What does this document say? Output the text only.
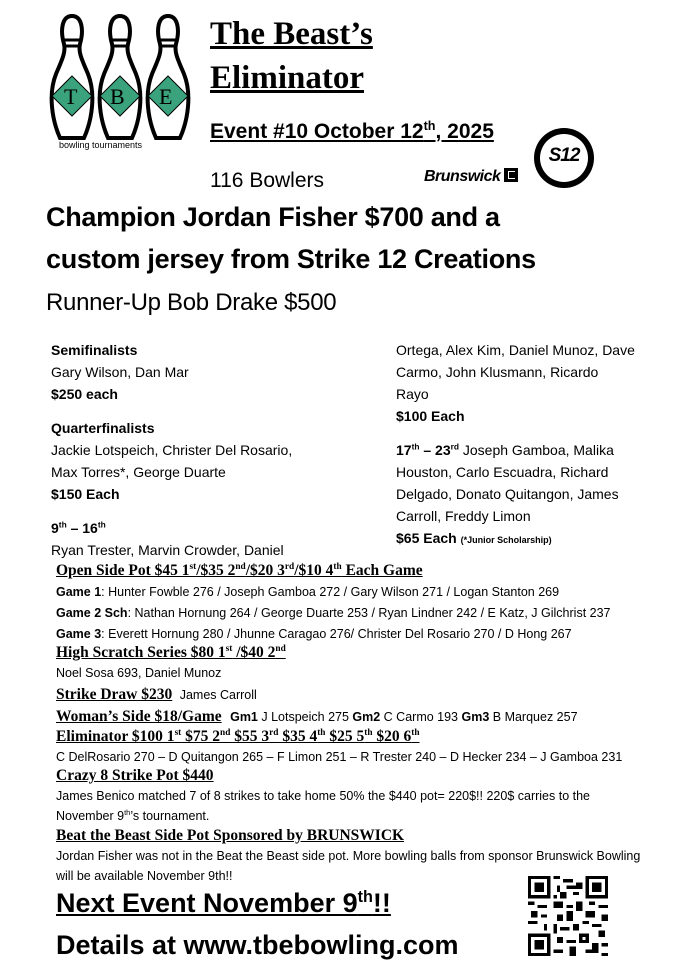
T B E
bowling tournaments
The Beast’s
Eliminator
Event #10 October 12th, 2025
116 Bowlers	Brunswick
S12
Champion Jordan Fisher $700 and a
custom jersey from Strike 12 Creations
Runner-Up Bob Drake $500
Semifinalists
Gary Wilson, Dan Mar
$250 each
Quarterfinalists
Jackie Lotspeich, Christer Del Rosario,
Max Torres*, George Duarte
$150 Each
9th – 16th
Ryan Trester, Marvin Crowder, Daniel
Ortega, Alex Kim, Daniel Munoz, Dave
Carmo, John Klusmann, Ricardo
Rayo
$100 Each
17th – 23rd Joseph Gamboa, Malika
Houston, Carlo Escuadra, Richard
Delgado, Donato Quitangon, James
Carroll, Freddy Limon
$65 Each (*Junior Scholarship)
Open Side Pot $45 1st/$35 2nd/$20 3rd/$10 4th Each Game
Game 1: Hunter Fowble 276 / Joseph Gamboa 272 / Gary Wilson 271 / Logan Stanton 269
Game 2 Sch: Nathan Hornung 264 / George Duarte 253 / Ryan Lindner 242 / E Katz, J Gilchrist 237
Game 3: Everett Hornung 280 / Jhunne Caragao 276/ Christer Del Rosario 270 / D Hong 267
High Scratch Series $80 1st /$40 2nd
Noel Sosa 693, Daniel Munoz
Strike Draw $230 James Carroll
Woman’s Side $18/Game Gm1 J Lotspeich 275 Gm2 C Carmo 193 Gm3 B Marquez 257
Eliminator $100 1st $75 2nd $55 3rd $35 4th $25 5th $20 6th
C DelRosario 270 – D Quitangon 265 – F Limon 251 – R Trester 240 – D Hecker 234 – J Gamboa 231
Crazy 8 Strike Pot $440
James Benico matched 7 of 8 strikes to take home 50% the $440 pot= 220$!! 220$ carries to the
November 9th’s tournament.
Beat the Beast Side Pot Sponsored by BRUNSWICK
Jordan Fisher was not in the Beat the Beast side pot. More bowling balls from sponsor Brunswick Bowling
will be available November 9th!!
Next Event November 9th!!
Details at www.tbebowling.com
